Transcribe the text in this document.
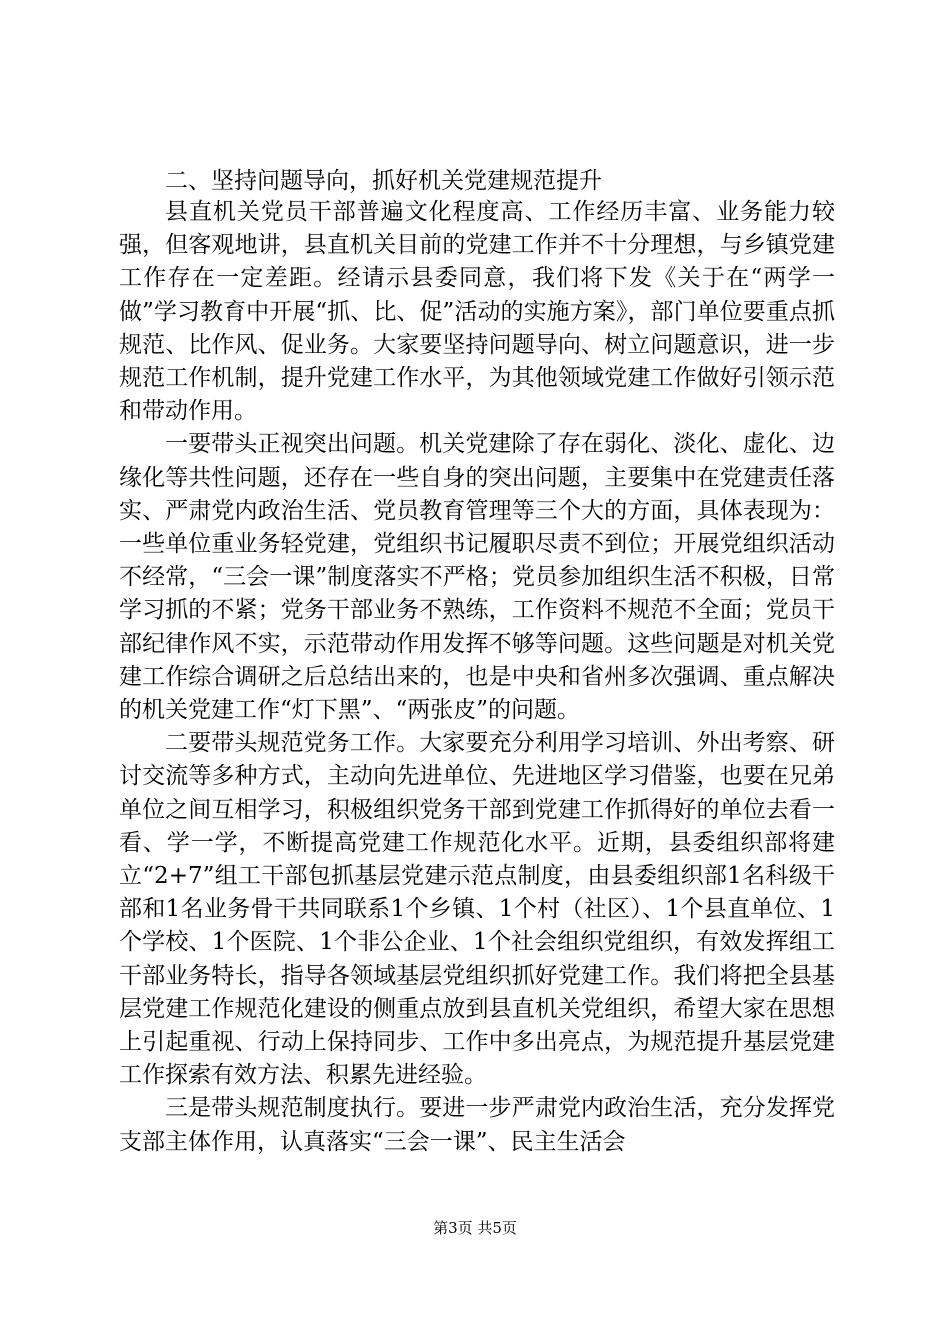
二、坚持问题导向，抓好机关党建规范提升

县直机关党员干部普遍文化程度高、工作经历丰富、业务能力较强，但客观地讲，县直机关目前的党建工作并不十分理想，与乡镇党建工作存在一定差距。经请示县委同意，我们将下发《关于在“两学一做”学习教育中开展“抓、比、促”活动的实施方案》，部门单位要重点抓规范、比作风、促业务。大家要坚持问题导向、树立问题意识，进一步规范工作机制，提升党建工作水平，为其他领域党建工作做好引领示范和带动作用。

一要带头正视突出问题。机关党建除了存在弱化、淡化、虚化、边缘化等共性问题，还存在一些自身的突出问题，主要集中在党建责任落实、严肃党内政治生活、党员教育管理等三个大的方面，具体表现为：一些单位重业务轻党建，党组织书记履职尽责不到位；开展党组织活动不经常，“三会一课”制度落实不严格；党员参加组织生活不积极，日常学习抓的不紧；党务干部业务不熟练，工作资料不规范不全面；党员干部纪律作风不实，示范带动作用发挥不够等问题。这些问题是对机关党建工作综合调研之后总结出来的，也是中央和省州多次强调、重点解决的机关党建工作“灯下黑”、“两张皮”的问题。

二要带头规范党务工作。大家要充分利用学习培训、外出考察、研讨交流等多种方式，主动向先进单位、先进地区学习借鉴，也要在兄弟单位之间互相学习，积极组织党务干部到党建工作抓得好的单位去看一看、学一学，不断提高党建工作规范化水平。近期，县委组织部将建立“2+7”组工干部包抓基层党建示范点制度，由县委组织部1名科级干部和1名业务骨干共同联系1个乡镇、1个村（社区）、1个县直单位、1个学校、1个医院、1个非公企业、1个社会组织党组织，有效发挥组工干部业务特长，指导各领域基层党组织抓好党建工作。我们将把全县基层党建工作规范化建设的侧重点放到县直机关党组织，希望大家在思想上引起重视、行动上保持同步、工作中多出亮点，为规范提升基层党建工作探索有效方法、积累先进经验。

三是带头规范制度执行。要进一步严肃党内政治生活，充分发挥党支部主体作用，认真落实“三会一课”、民主生活会

第3页 共5页
